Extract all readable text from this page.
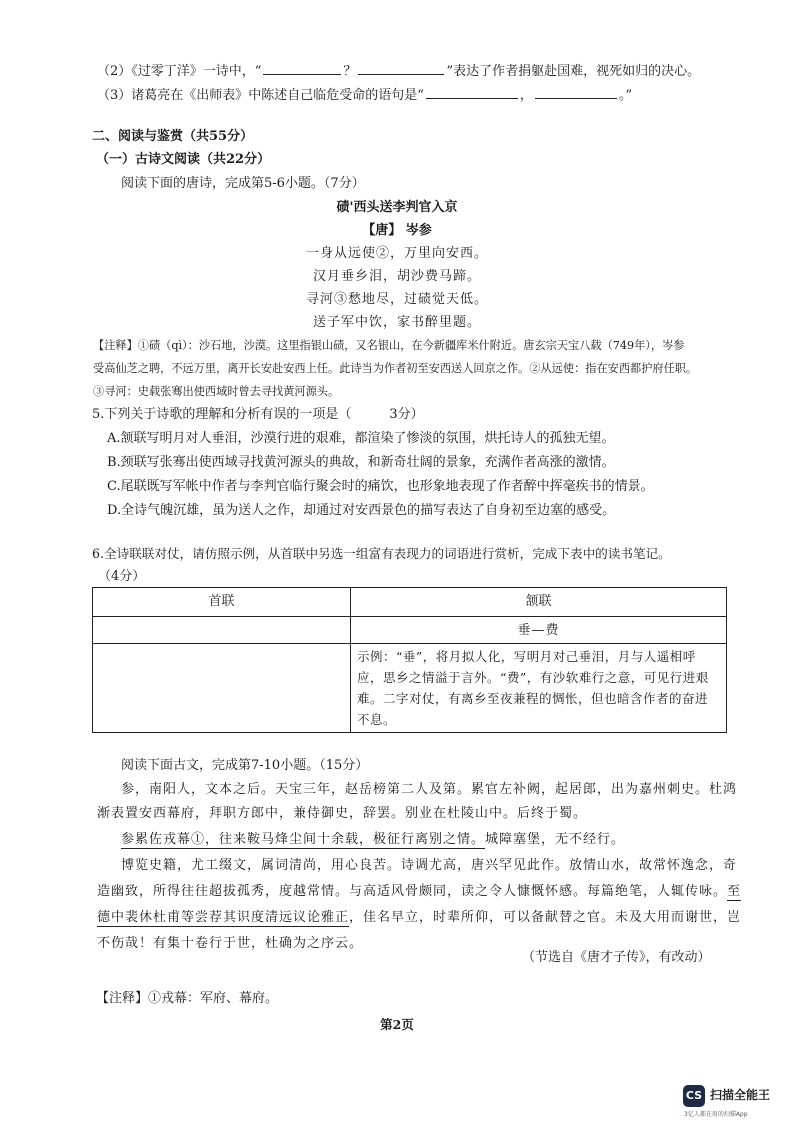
（2）《过零丁洋》一诗中，“	？	”表达了作者捐躯赴国难，视死如归的决心。
（3）诸葛亮在《出师表》中陈述自己临危受命的语句是“	，	。”
二、阅读与鉴赏（共55分）
（一）古诗文阅读（共22分）
阅读下面的唐诗，完成第5-6小题。（7分）
碛'西头送李判官入京
【唐】 岑参
一身从远使②，万里向安西。
汉月垂乡泪，胡沙费马蹄。
寻河③愁地尽，过碛觉天低。
送子军中饮，家书醉里题。
【注释】①碛（qì）：沙石地，沙漠。这里指银山碛，又名银山，在今新疆库米什附近。唐玄宗天宝八载（749年），岑参
受高仙芝之聘，不远万里，离开长安赴安西上任。此诗当为作者初至安西送人回京之作。②从远使：指在安西都护府任职。
③寻河：史载张骞出使西域时曾去寻找黄河源头。
5.下列关于诗歌的理解和分析有误的一项是（	3分）
A.颔联写明月对人垂泪，沙漠行进的艰难，都渲染了惨淡的氛围，烘托诗人的孤独无望。
B.颈联写张骞出使西域寻找黄河源头的典故，和新奇壮阔的景象，充满作者高涨的激情。
C.尾联既写军帐中作者与李判官临行聚会时的痛饮，也形象地表现了作者醉中挥毫疾书的情景。
D.全诗气魄沉雄，虽为送人之作，却通过对安西景色的描写表达了自身初至边塞的感受。
6.全诗联联对仗，请仿照示例，从首联中另选一组富有表现力的词语进行赏析，完成下表中的读书笔记。
（4分）
首联	颔联
	垂—费
	示例：“垂”，将月拟人化，写明月对己垂泪，月与人遥相呼应，思乡之情溢于言外。“费”，有沙软难行之意，可见行进艰难。二字对仗，有离乡至夜兼程的惆怅，但也暗含作者的奋进不息。
阅读下面古文，完成第7-10小题。（15分）
参，南阳人，文本之后。天宝三年，赵岳榜第二人及第。累官左补阙，起居郎，出为嘉州刺史。杜鸿
渐表置安西幕府，拜职方郎中，兼侍御史，辞罢。别业在杜陵山中。后终于蜀。
参累佐戎幕①，往来鞍马烽尘间十余载，极征行离别之情。城障塞堡，无不经行。
博览史籍，尤工缀文，属词清尚，用心良苦。诗调尤高，唐兴罕见此作。放情山水，故常怀逸念，奇
造幽致，所得往往超拔孤秀，度越常情。与高适风骨颇同，读之令人慷慨怀感。每篇绝笔，人辄传咏。至
德中裴休杜甫等尝荐其识度清远议论雅正，佳名早立，时辈所仰，可以备献替之官。未及大用而谢世，岂
不伤哉！有集十卷行于世，杜确为之序云。
（节选自《唐才子传》，有改动）
【注释】①戎幕：军府、幕府。
第2页
CS 扫描全能王
3亿人都在用的扫描App
